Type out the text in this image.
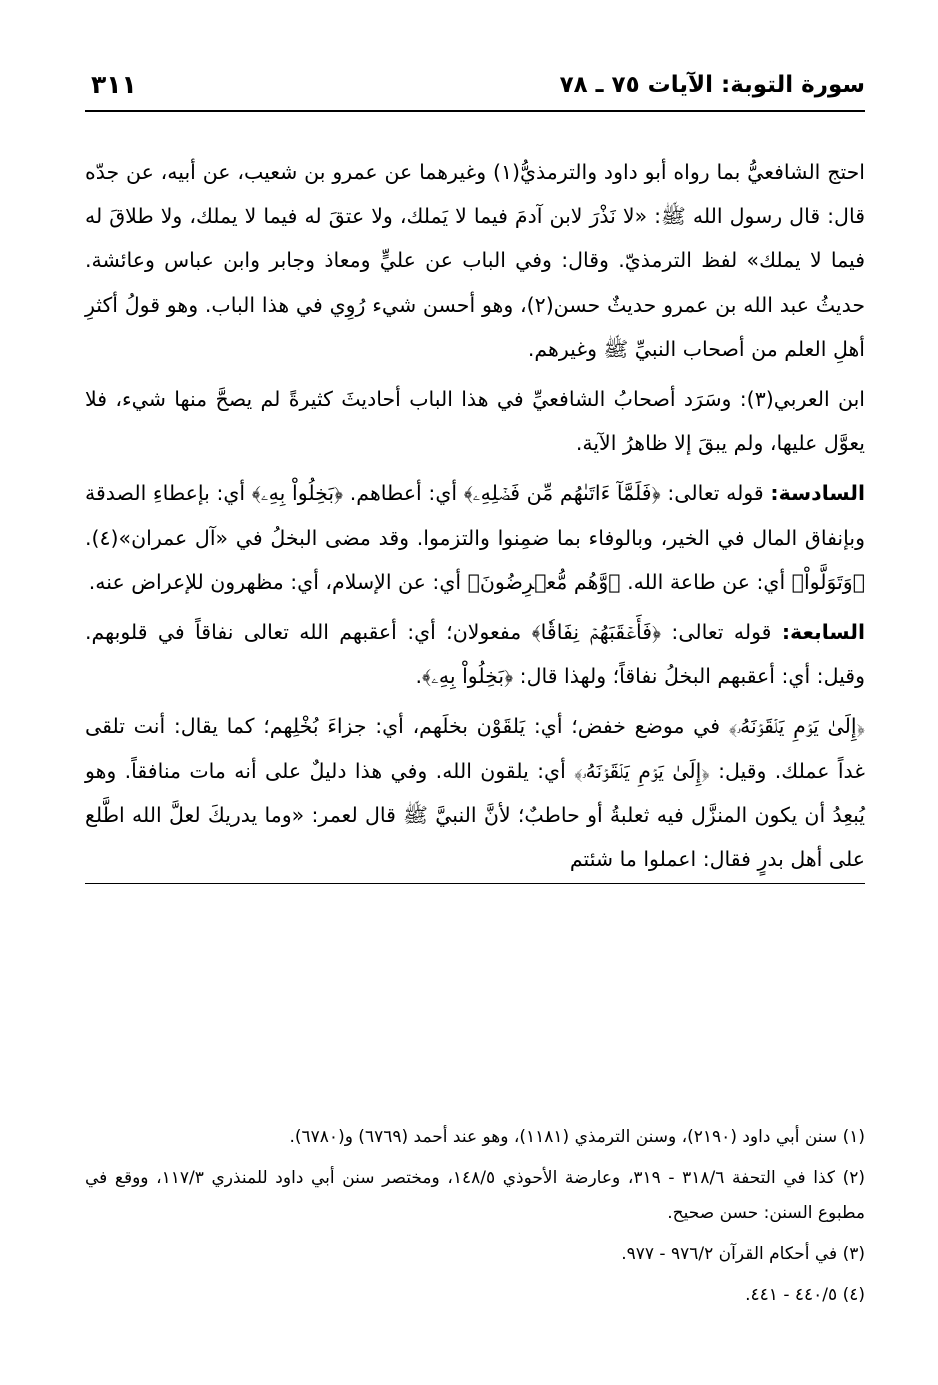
سورة التوبة: الآيات ٧٥ ـ ٧٨
٣١١

احتج الشافعيُّ بما رواه أبو داود والترمذيُّ(١) وغيرهما عن عمرو بن شعيب، عن أبيه، عن جدّه قال: قال رسول الله ﷺ: «لا نَذْرَ لابن آدمَ فيما لا يَملك، ولا عتقَ له فيما لا يملك، ولا طلاقَ له فيما لا يملك» لفظ الترمذيّ. وقال: وفي الباب عن عليٍّ ومعاذ وجابر وابن عباس وعائشة. حديثُ عبد الله بن عمرو حديثٌ حسن(٢)، وهو أحسن شيء رُوِي في هذا الباب. وهو قولُ أكثرِ أهلِ العلم من أصحاب النبيِّ ﷺ وغيرهم.

ابن العربي(٣): وسَرَد أصحابُ الشافعيِّ في هذا الباب أحاديثَ كثيرةً لم يصحَّ منها شيء، فلا يعوَّل عليها، ولم يبقَ إلا ظاهرُ الآية.

السادسة: قوله تعالى: ﴿فَلَمَّآ ءَاتَىٰهُم مِّن فَضۡلِهِۦ﴾ أي: أعطاهم. ﴿بَخِلُواْ بِهِۦ﴾ أي: بإعطاءِ الصدقة وبإنفاق المال في الخير، وبالوفاء بما ضمِنوا والتزموا. وقد مضى البخلُ في «آل عمران»(٤). ﴿وَتَوَلَّواْ﴾ أي: عن طاعة الله. ﴿وَّهُم مُّعۡرِضُونَ﴾ أي: عن الإسلام، أي: مظهرون للإعراض عنه.

السابعة: قوله تعالى: ﴿فَأَعۡقَبَهُمۡ نِفَاقٗا﴾ مفعولان؛ أي: أعقبهم الله تعالى نفاقاً في قلوبهم. وقيل: أي: أعقبهم البخلُ نفاقاً؛ ولهذا قال: ﴿بَخِلُواْ بِهِۦ﴾.

﴿إِلَىٰ يَوۡمِ يَلۡقَوۡنَهُۥ﴾ في موضع خفض؛ أي: يَلقَوْن بخلَهم، أي: جزاءَ بُخْلِهم؛ كما يقال: أنت تلقى غداً عملك. وقيل: ﴿إِلَىٰ يَوۡمِ يَلۡقَوۡنَهُۥ﴾ أي: يلقون الله. وفي هذا دليلٌ على أنه مات منافقاً. وهو يُبعِدُ أن يكون المنزَّل فيه ثعلبةُ أو حاطبٌ؛ لأنَّ النبيَّ ﷺ قال لعمر: «وما يدريكَ لعلَّ الله اطَّلع على أهل بدرٍ فقال: اعملوا ما شئتم

(١) سنن أبي داود (٢١٩٠)، وسنن الترمذي (١١٨١)، وهو عند أحمد (٦٧٦٩) و(٦٧٨٠).

(٢) كذا في التحفة ٣١٨/٦ - ٣١٩، وعارضة الأحوذي ١٤٨/٥، ومختصر سنن أبي داود للمنذري ١١٧/٣، ووقع في مطبوع السنن: حسن صحيح.

(٣) في أحكام القرآن ٩٧٦/٢ - ٩٧٧.

(٤) ٤٤٠/٥ - ٤٤١.
